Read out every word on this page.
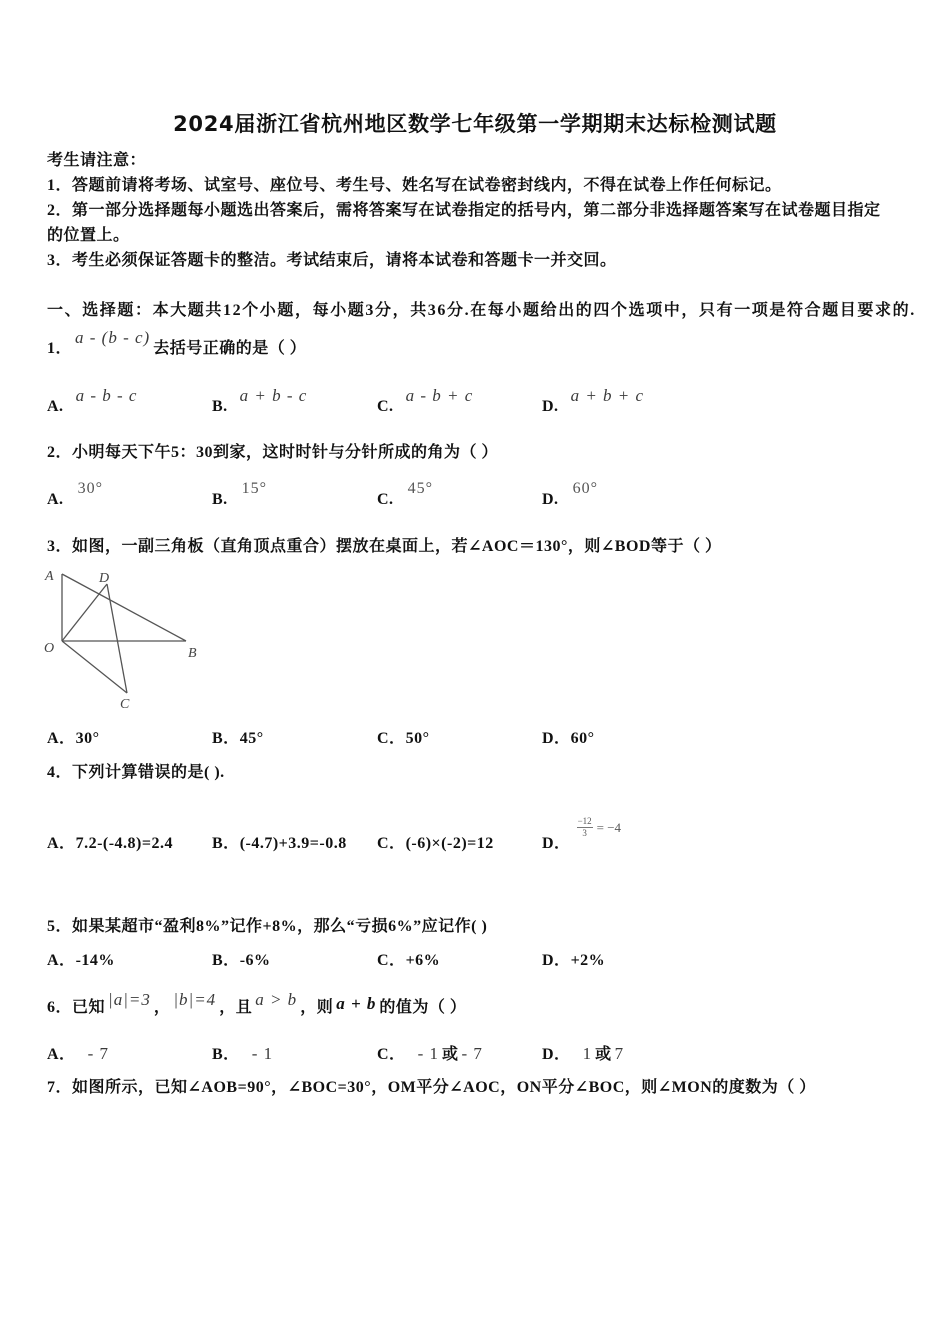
2024届浙江省杭州地区数学七年级第一学期期末达标检测试题
考生请注意：
1．答题前请将考场、试室号、座位号、考生号、姓名写在试卷密封线内，不得在试卷上作任何标记。
2．第一部分选择题每小题选出答案后，需将答案写在试卷指定的括号内，第二部分非选择题答案写在试卷题目指定的位置上。
3．考生必须保证答题卡的整洁。考试结束后，请将本试卷和答题卡一并交回。
一、选择题：本大题共12个小题，每小题3分，共36分.在每小题给出的四个选项中，只有一项是符合题目要求的.
1．a - (b - c)去括号正确的是（ ）
A.a - b - c
B.a + b - c
C.a - b + c
D.a + b + c
2．小明每天下午5：30到家，这时时针与分针所成的角为（ ）
A.30°
B.15°
C.45°
D.60°
3．如图，一副三角板（直角顶点重合）摆放在桌面上，若∠AOC＝130°，则∠BOD等于（ ）
A	D
O	B
C
A．30°	B．45°	C．50°	D．60°
4．下列计算错误的是( ).
A．7.2-(-4.8)=2.4	B．(-4.7)+3.9=-0.8	C．(-6)×(-2)=12	D．
$\frac{-12}{3} = -4$
5．如果某超市“盈利8%”记作+8%，那么“亏损6%”应记作( )
A．-14%	B．-6%	C．+6%	D．+2%
6．已知 |a|=3 ， |b|=4 ，且 a > b ，则 a + b 的值为（ ）
A． - 7	B． - 1	C． - 1 或 - 7	D． 1 或 7
7．如图所示，已知∠AOB=90°，∠BOC=30°，OM平分∠AOC，ON平分∠BOC，则∠MON的度数为（ ）
